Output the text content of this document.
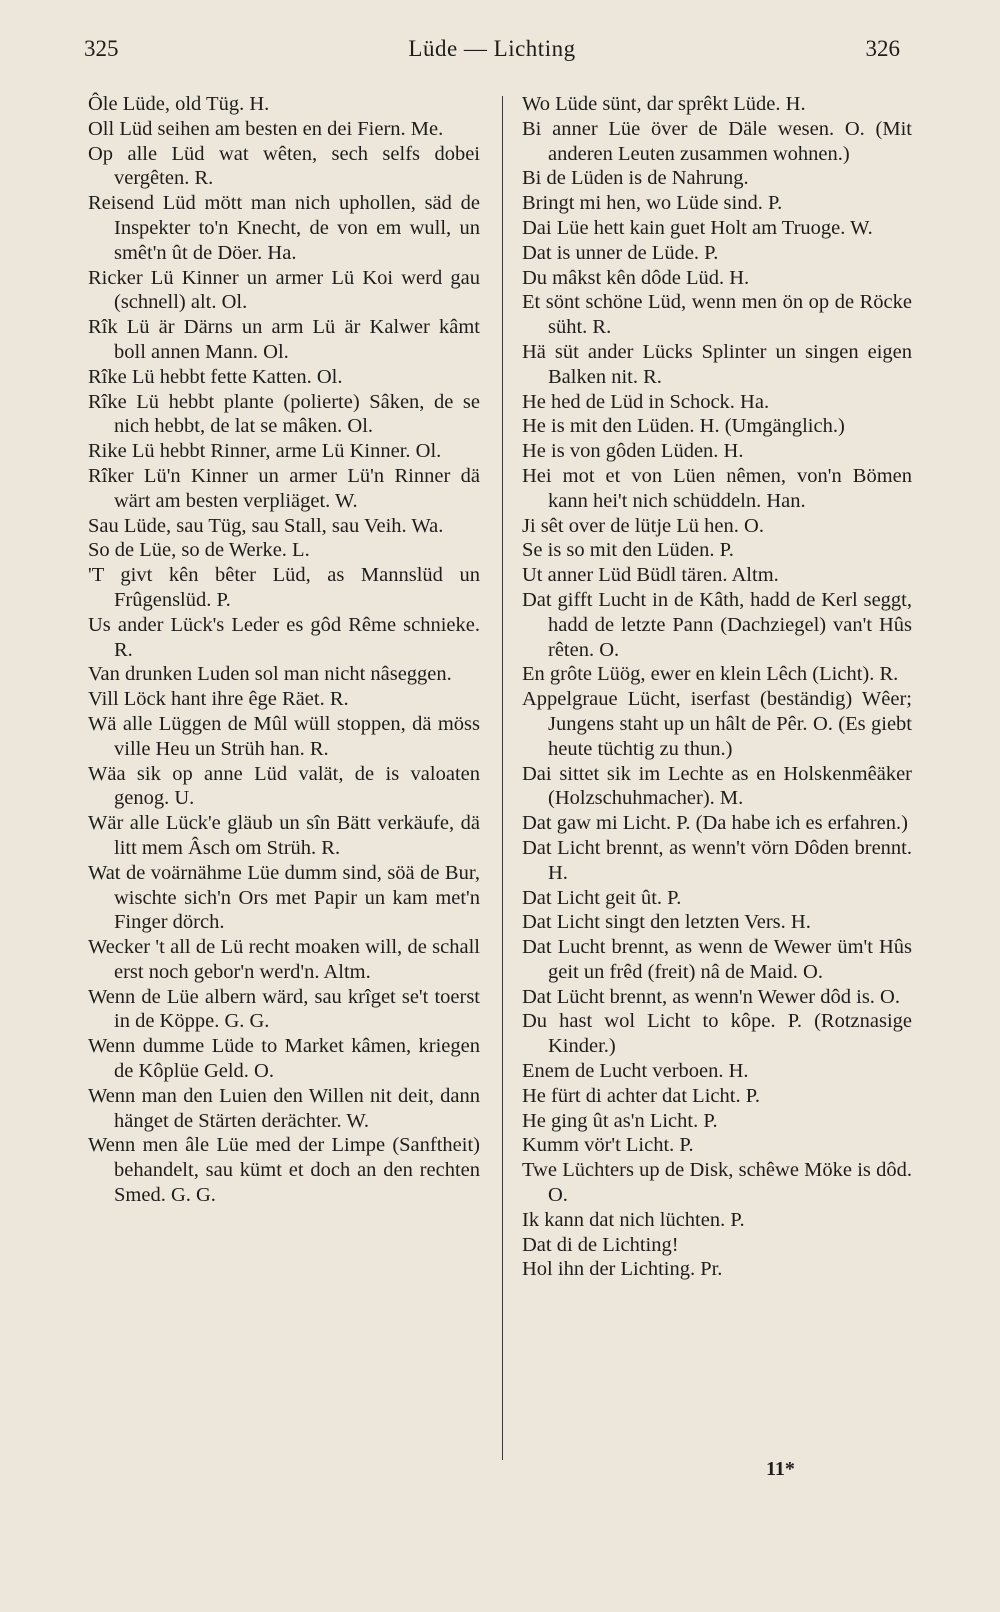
325	Lüde — Lichting	326

Ôle Lüde, old Tüg. H.

Oll Lüd seihen am besten en dei Fiern. Me.

Op alle Lüd wat wêten, sech selfs dobei vergêten. R.

Reisend Lüd mött man nich uphollen, säd de Inspekter to'n Knecht, de von em wull, un smêt'n ût de Döer. Ha.

Ricker Lü Kinner un armer Lü Koi werd gau (schnell) alt. Ol.

Rîk Lü är Därns un arm Lü är Kalwer kâmt boll annen Mann. Ol.

Rîke Lü hebbt fette Katten. Ol.

Rîke Lü hebbt plante (polierte) Sâken, de se nich hebbt, de lat se mâken. Ol.

Rike Lü hebbt Rinner, arme Lü Kinner. Ol.

Rîker Lü'n Kinner un armer Lü'n Rinner dä wärt am besten verpliäget. W.

Sau Lüde, sau Tüg, sau Stall, sau Veih. Wa.

So de Lüe, so de Werke. L.

'T givt kên bêter Lüd, as Mannslüd un Frûgenslüd. P.

Us ander Lück's Leder es gôd Rême schnieke. R.

Van drunken Luden sol man nicht nâseggen.

Vill Löck hant ihre êge Räet. R.

Wä alle Lüggen de Mûl wüll stoppen, dä möss ville Heu un Strüh han. R.

Wäa sik op anne Lüd valät, de is valoaten genog. U.

Wär alle Lück'e gläub un sîn Bätt verkäufe, dä litt mem Âsch om Strüh. R.

Wat de voärnähme Lüe dumm sind, söä de Bur, wischte sich'n Ors met Papir un kam met'n Finger dörch.

Wecker 't all de Lü recht moaken will, de schall erst noch gebor'n werd'n. Altm.

Wenn de Lüe albern wärd, sau krîget se't toerst in de Köppe. G. G.

Wenn dumme Lüde to Market kâmen, kriegen de Kôplüe Geld. O.

Wenn man den Luien den Willen nit deit, dann hänget de Stärten derächter. W.

Wenn men âle Lüe med der Limpe (Sanftheit) behandelt, sau kümt et doch an den rechten Smed. G. G.

Wo Lüde sünt, dar sprêkt Lüde. H.

Bi anner Lüe över de Däle wesen. O. (Mit anderen Leuten zusammen wohnen.)

Bi de Lüden is de Nahrung.

Bringt mi hen, wo Lüde sind. P.

Dai Lüe hett kain guet Holt am Truoge. W.

Dat is unner de Lüde. P.

Du mâkst kên dôde Lüd. H.

Et sönt schöne Lüd, wenn men ön op de Röcke süht. R.

Hä süt ander Lücks Splinter un singen eigen Balken nit. R.

He hed de Lüd in Schock. Ha.

He is mit den Lüden. H. (Umgänglich.)

He is von gôden Lüden. H.

Hei mot et von Lüen nêmen, von'n Bömen kann hei't nich schüddeln. Han.

Ji sêt over de lütje Lü hen. O.

Se is so mit den Lüden. P.

Ut anner Lüd Büdl tären. Altm.

Dat gifft Lucht in de Kâth, hadd de Kerl seggt, hadd de letzte Pann (Dachziegel) van't Hûs rêten. O.

En grôte Lüög, ewer en klein Lêch (Licht). R.

Appelgraue Lücht, iserfast (beständig) Wêer; Jungens staht up un hâlt de Pêr. O. (Es giebt heute tüchtig zu thun.)

Dai sittet sik im Lechte as en Holskenmêäker (Holzschuhmacher). M.

Dat gaw mi Licht. P. (Da habe ich es erfahren.)

Dat Licht brennt, as wenn't vörn Dôden brennt. H.

Dat Licht geit ût. P.

Dat Licht singt den letzten Vers. H.

Dat Lucht brennt, as wenn de Wewer üm't Hûs geit un frêd (freit) nâ de Maid. O.

Dat Lücht brennt, as wenn'n Wewer dôd is. O.

Du hast wol Licht to kôpe. P. (Rotznasige Kinder.)

Enem de Lucht verboen. H.

He fürt di achter dat Licht. P.

He ging ût as'n Licht. P.

Kumm vör't Licht. P.

Twe Lüchters up de Disk, schêwe Möke is dôd. O.

Ik kann dat nich lüchten. P.

Dat di de Lichting!

Hol ihn der Lichting. Pr.

11*
